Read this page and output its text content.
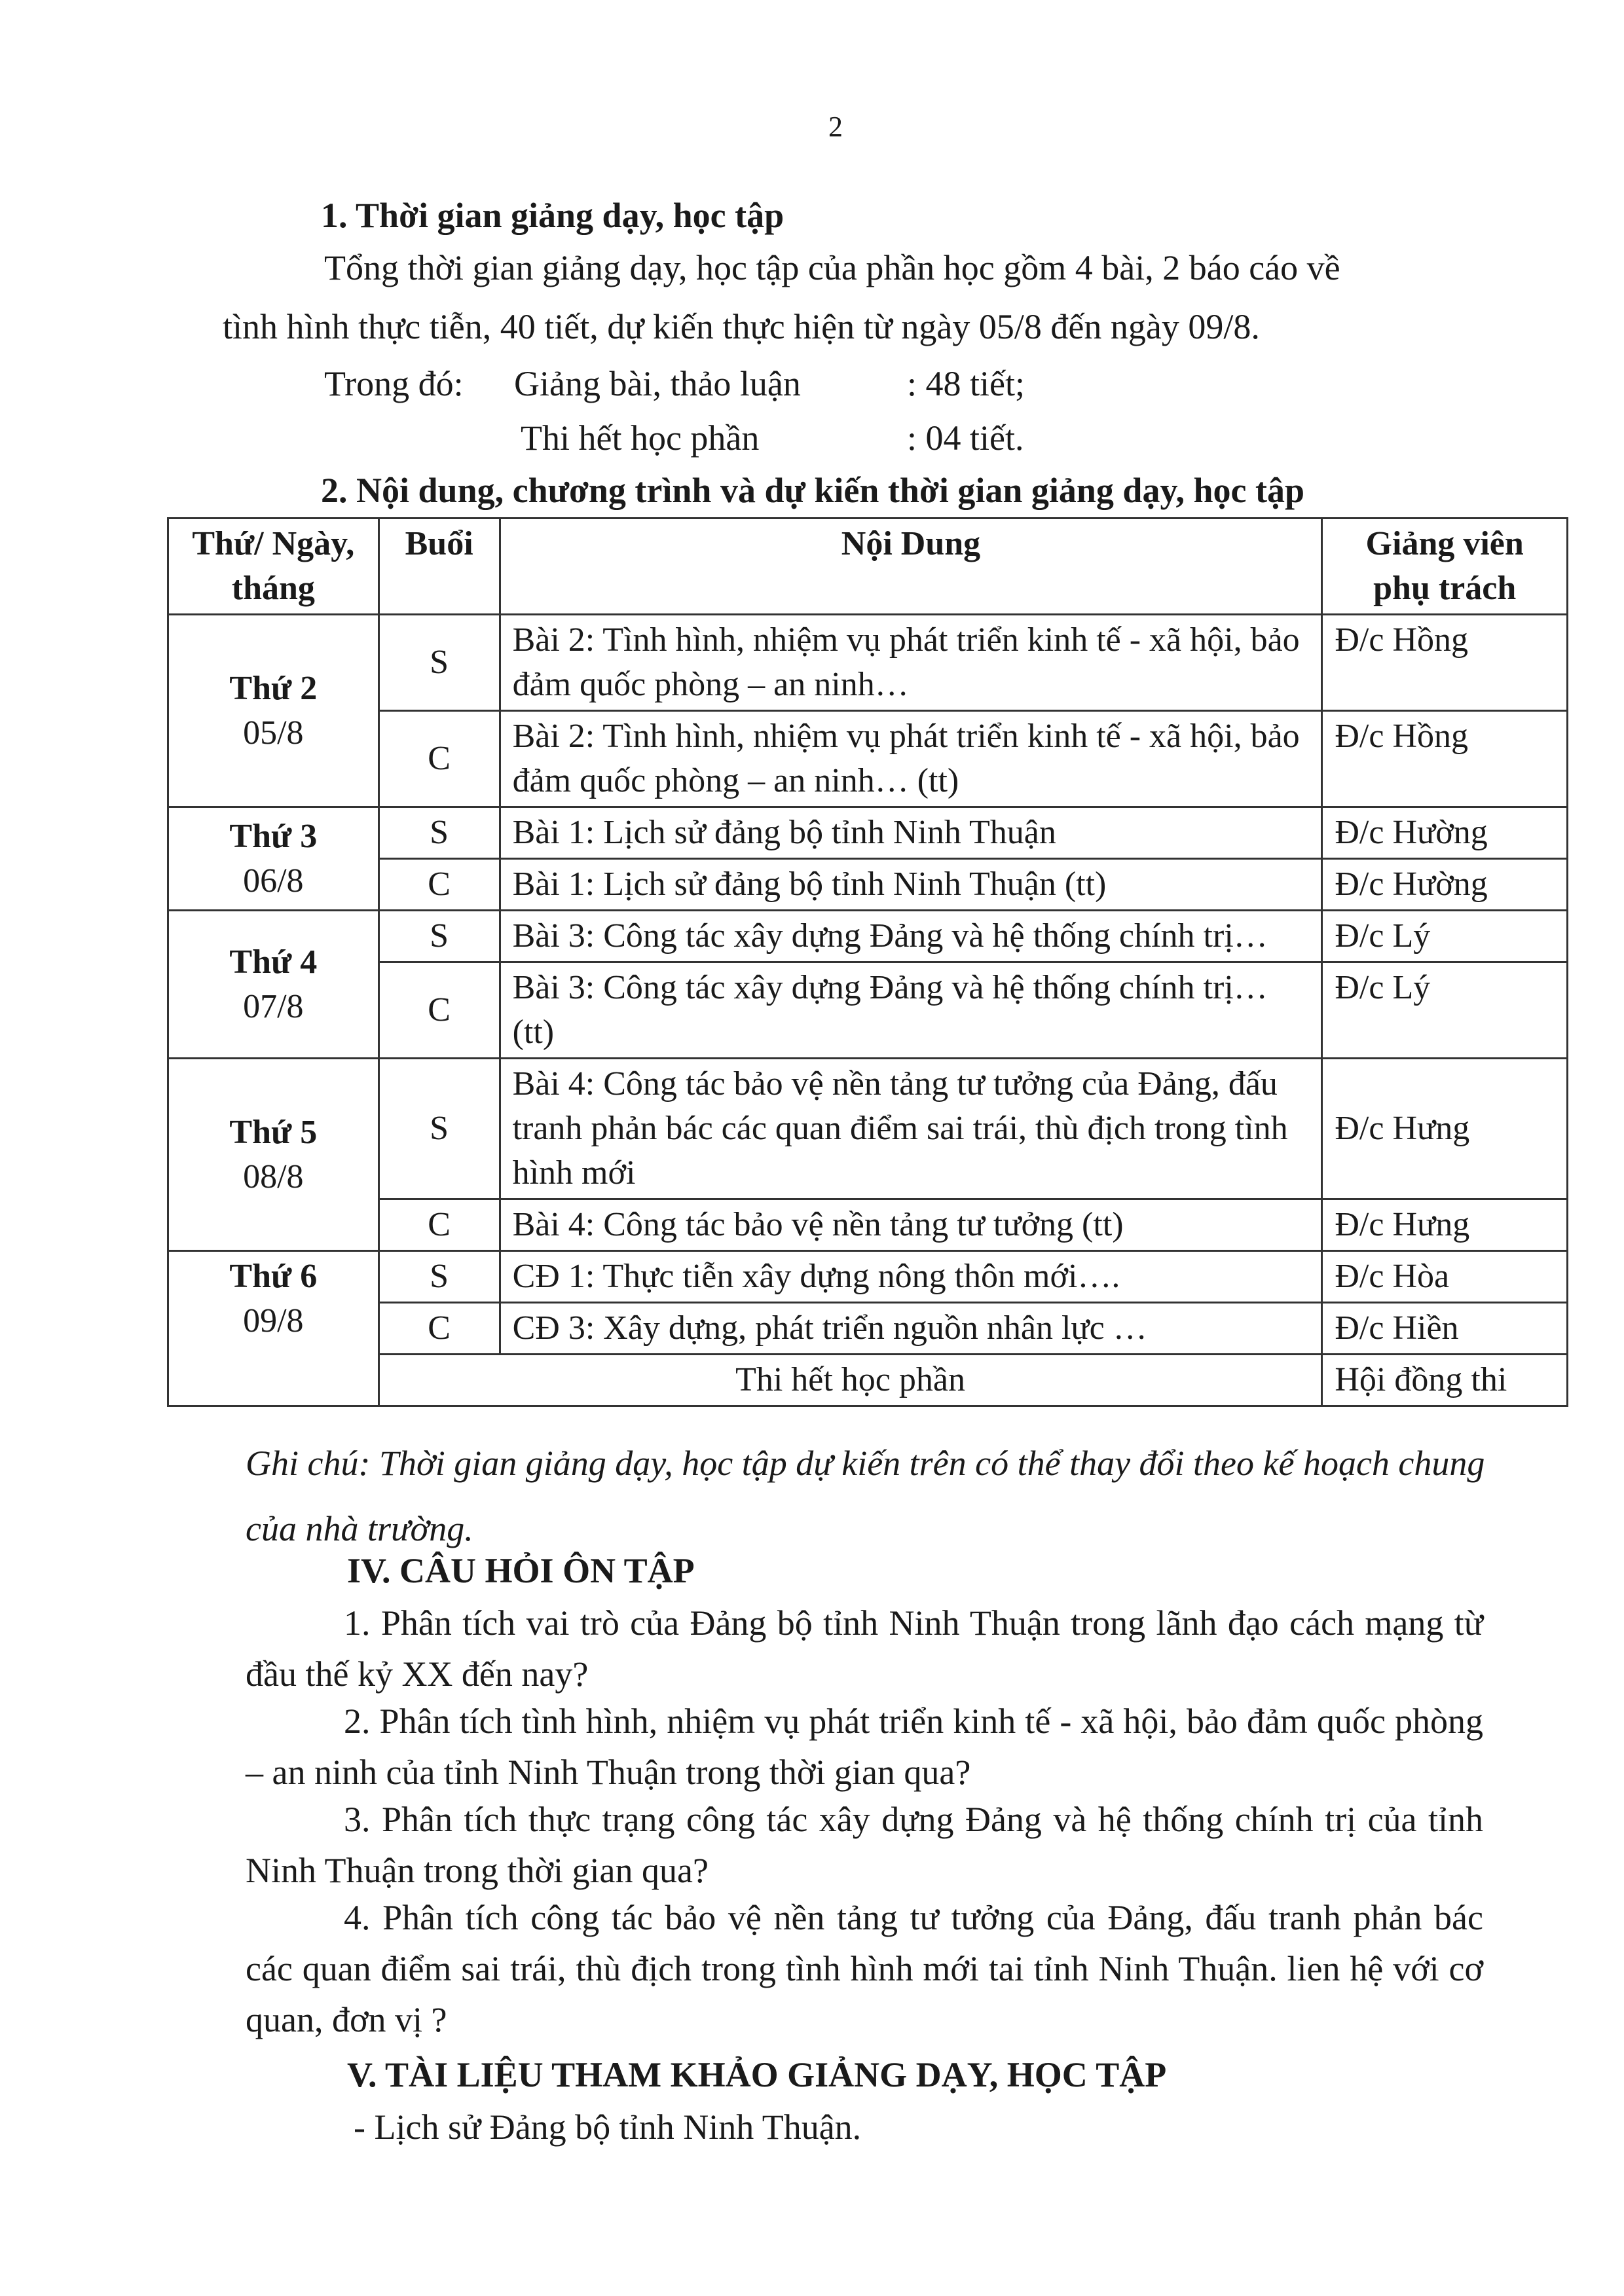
2
1. Thời gian giảng dạy, học tập
Tổng thời gian giảng dạy, học tập của phần học gồm 4 bài, 2 báo cáo về
tình hình thực tiễn, 40 tiết, dự kiến thực hiện từ ngày 05/8 đến ngày 09/8.
Trong đó: Giảng bài, thảo luận	: 48 tiết;
Thi hết học phần	: 04 tiết.
2. Nội dung, chương trình và dự kiến thời gian giảng dạy, học tập
Thứ/ Ngày, tháng	Buổi	Nội Dung	Giảng viên phụ trách

Thứ 2
05/8	S	Bài 2: Tình hình, nhiệm vụ phát triển kinh tế - xã hội, bảo đảm quốc phòng – an ninh…	Đ/c Hồng
	C	Bài 2: Tình hình, nhiệm vụ phát triển kinh tế - xã hội, bảo đảm quốc phòng – an ninh… (tt)	Đ/c Hồng

Thứ 3
06/8	S	Bài 1: Lịch sử đảng bộ tỉnh Ninh Thuận	Đ/c Hường
	C	Bài 1: Lịch sử đảng bộ tỉnh Ninh Thuận (tt)	Đ/c Hường

Thứ 4
07/8	S	Bài 3: Công tác xây dựng Đảng và hệ thống chính trị…	Đ/c Lý
	C	Bài 3: Công tác xây dựng Đảng và hệ thống chính trị… (tt)	Đ/c Lý

Thứ 5
08/8	S	Bài 4: Công tác bảo vệ nền tảng tư tưởng của Đảng, đấu tranh phản bác các quan điểm sai trái, thù địch trong tình hình mới	Đ/c Hưng
	C	Bài 4: Công tác bảo vệ nền tảng tư tưởng (tt)	Đ/c Hưng

Thứ 6
09/8	S	CĐ 1: Thực tiễn xây dựng nông thôn mới….	Đ/c Hòa
	C	CĐ 3: Xây dựng, phát triển nguồn nhân lực …	Đ/c Hiền
	Thi hết học phần		Hội đồng thi
Ghi chú: Thời gian giảng dạy, học tập dự kiến trên có thể thay đổi theo kế hoạch chung của nhà trường.
IV. CÂU HỎI ÔN TẬP
1. Phân tích vai trò của Đảng bộ tỉnh Ninh Thuận trong lãnh đạo cách mạng từ đầu thế kỷ XX đến nay?
2. Phân tích tình hình, nhiệm vụ phát triển kinh tế - xã hội, bảo đảm quốc phòng – an ninh của tỉnh Ninh Thuận trong thời gian qua?
3. Phân tích thực trạng công tác xây dựng Đảng và hệ thống chính trị của tỉnh Ninh Thuận trong thời gian qua?
4. Phân tích công tác bảo vệ nền tảng tư tưởng của Đảng, đấu tranh phản bác các quan điểm sai trái, thù địch trong tình hình mới tai tỉnh Ninh Thuận. lien hệ với cơ quan, đơn vị ?
V. TÀI LIỆU THAM KHẢO GIẢNG DẠY, HỌC TẬP
- Lịch sử Đảng bộ tỉnh Ninh Thuận.
